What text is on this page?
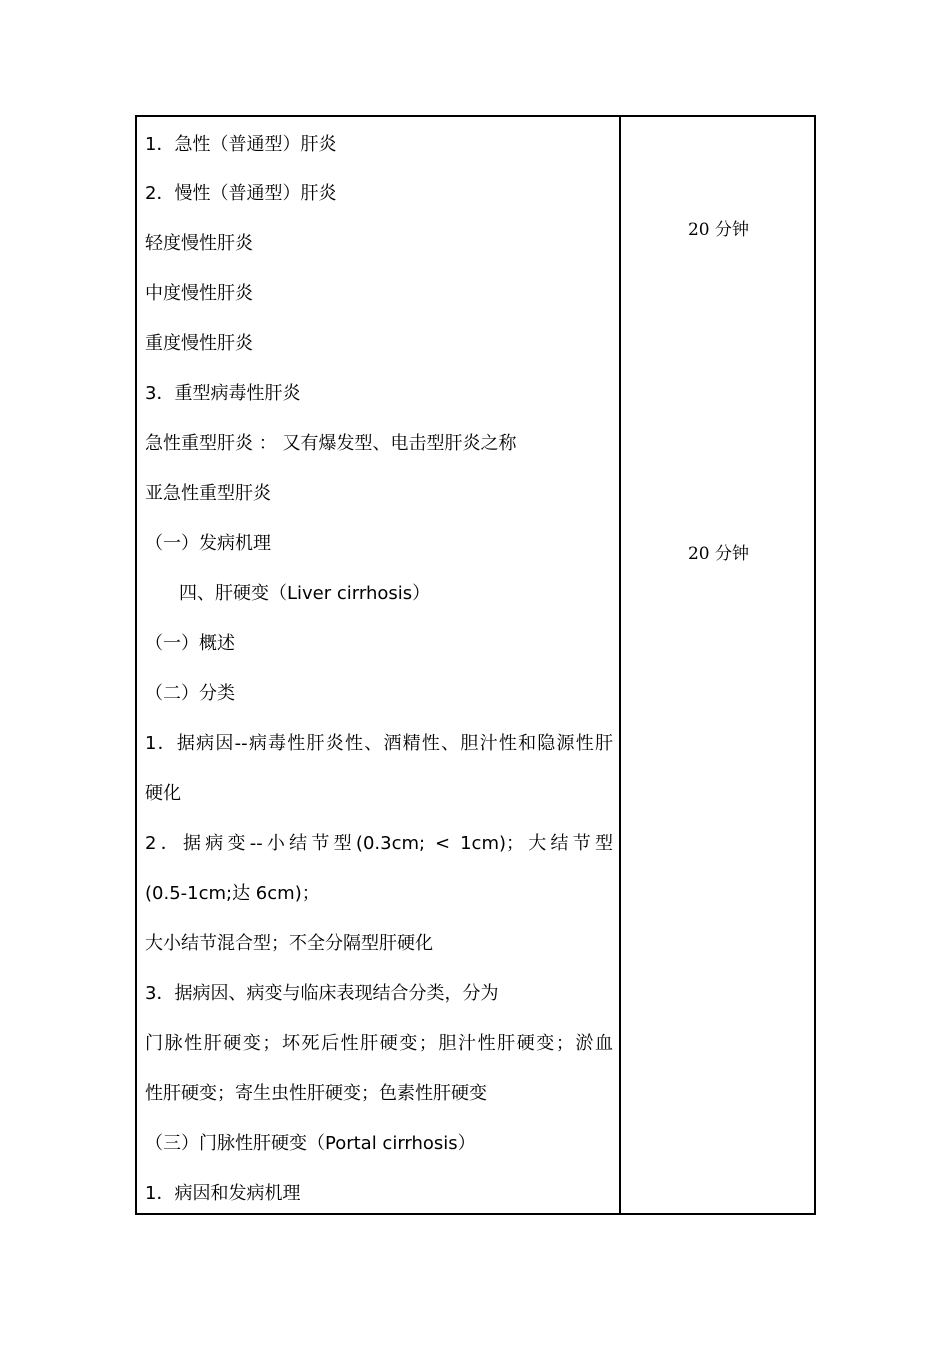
1．急性（普通型）肝炎
2．慢性（普通型）肝炎
轻度慢性肝炎
中度慢性肝炎
重度慢性肝炎
3．重型病毒性肝炎
急性重型肝炎 ： 又有爆发型、电击型肝炎之称
亚急性重型肝炎
（一）发病机理
四、肝硬变（Liver cirrhosis）
（一）概述
（二）分类
1．据病因--病毒性肝炎性、酒精性、胆汁性和隐源性肝
硬化
2．据病变--小结节型(0.3cm; < 1cm)；大结节型
(0.5-1cm;达 6cm)；
大小结节混合型；不全分隔型肝硬化
3．据病因、病变与临床表现结合分类，分为
门脉性肝硬变；坏死后性肝硬变；胆汁性肝硬变；淤血
性肝硬变；寄生虫性肝硬变；色素性肝硬变
（三）门脉性肝硬变（Portal cirrhosis）
1．病因和发病机理
20 分钟
20 分钟
